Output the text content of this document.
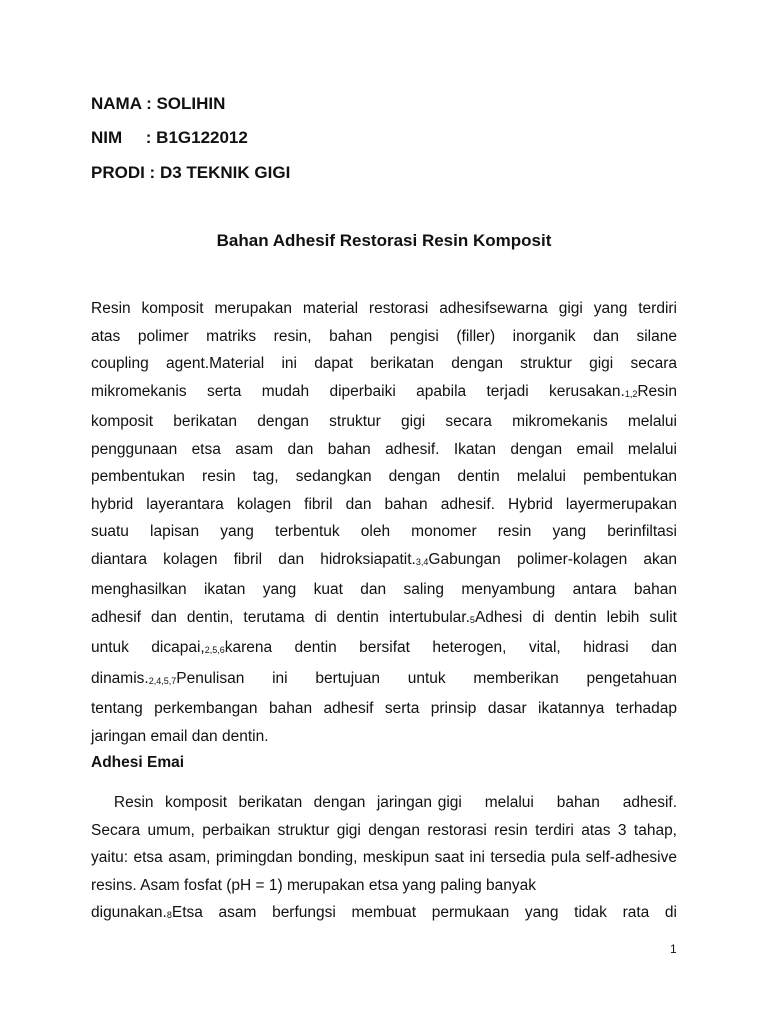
NAMA : SOLIHIN

NIM     : B1G122012

PRODI : D3 TEKNIK GIGI

Bahan Adhesif Restorasi Resin Komposit

Resin komposit merupakan material restorasi adhesifsewarna gigi yang terdiri
atas polimer matriks resin, bahan pengisi (filler) inorganik dan silane
coupling agent.Material ini dapat berikatan dengan struktur gigi secara
mikromekanis serta mudah diperbaiki apabila terjadi kerusakan.1,2Resin
komposit berikatan dengan struktur gigi secara mikromekanis melalui
penggunaan etsa asam dan bahan adhesif. Ikatan dengan email melalui
pembentukan resin tag, sedangkan dengan dentin melalui pembentukan
hybrid layerantara kolagen fibril dan bahan adhesif. Hybrid layermerupakan
suatu lapisan yang terbentuk oleh monomer resin yang berinfiltasi
diantara kolagen fibril dan hidroksiapatit.3,4Gabungan polimer-kolagen akan
menghasilkan ikatan yang kuat dan saling menyambung antara bahan
adhesif dan dentin, terutama di dentin intertubular.5Adhesi di dentin lebih sulit
untuk dicapai,2,5,6karena dentin bersifat heterogen, vital, hidrasi dan
dinamis.2,4,5,7Penulisan ini bertujuan untuk memberikan pengetahuan
tentang perkembangan bahan adhesif serta prinsip dasar ikatannya terhadap
jaringan email dan dentin.

Adhesi Emai

Resin  komposit  berikatan  dengan  jaringan gigi    melalui    bahan    adhesif.
Secara umum, perbaikan struktur gigi dengan restorasi resin terdiri atas 3 tahap,
yaitu: etsa asam, primingdan bonding, meskipun saat ini tersedia pula self-adhesive
resins. Asam fosfat (pH = 1) merupakan etsa yang paling banyak
digunakan.8Etsa asam berfungsi membuat permukaan yang tidak rata di

1
